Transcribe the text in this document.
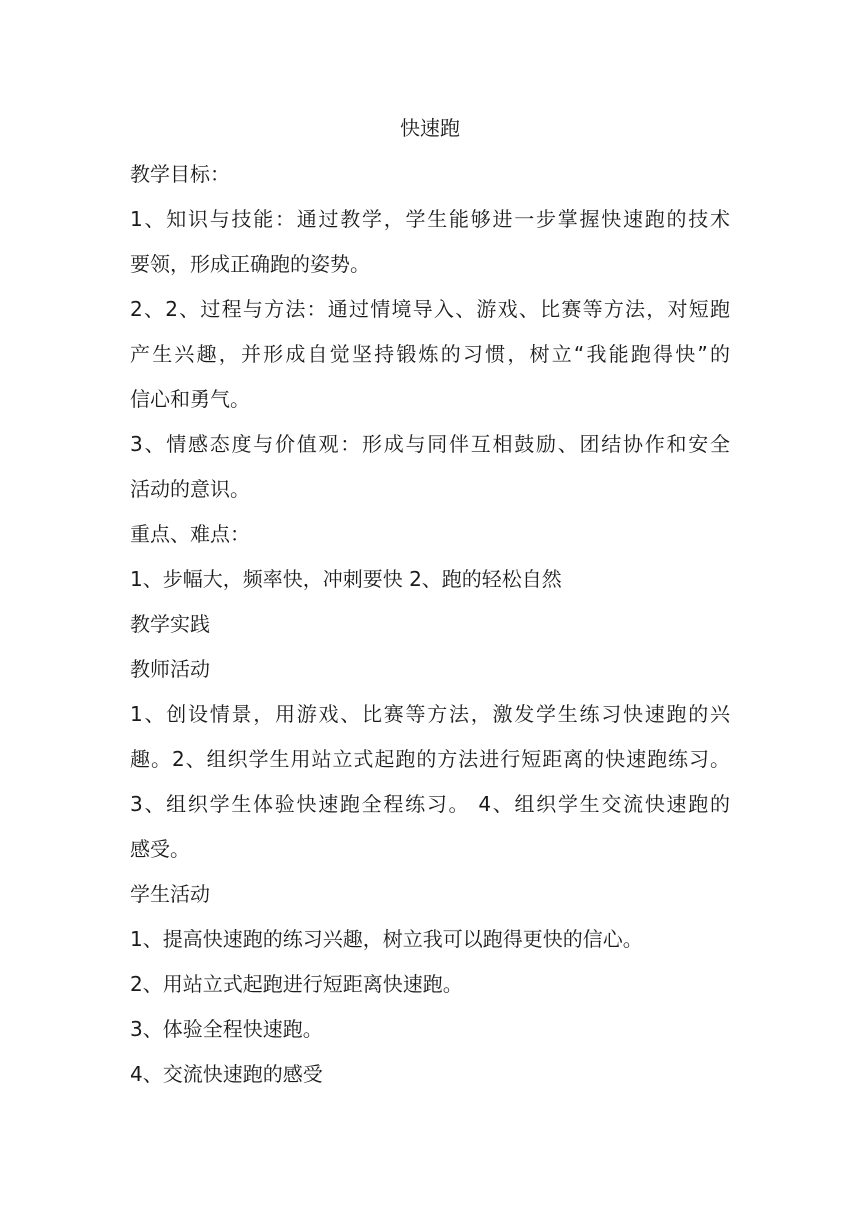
快速跑

教学目标：

1、知识与技能：通过教学，学生能够进一步掌握快速跑的技术

要领，形成正确跑的姿势。

2、2、过程与方法：通过情境导入、游戏、比赛等方法，对短跑

产生兴趣，并形成自觉坚持锻炼的习惯，树立“我能跑得快”的

信心和勇气。

3、情感态度与价值观：形成与同伴互相鼓励、团结协作和安全

活动的意识。

重点、难点：

1、步幅大，频率快，冲刺要快 2、跑的轻松自然

教学实践

教师活动

1、创设情景，用游戏、比赛等方法，激发学生练习快速跑的兴

趣。2、组织学生用站立式起跑的方法进行短距离的快速跑练习。

3、组织学生体验快速跑全程练习。 4、组织学生交流快速跑的

感受。

学生活动

1、提高快速跑的练习兴趣，树立我可以跑得更快的信心。

2、用站立式起跑进行短距离快速跑。

3、体验全程快速跑。

4、交流快速跑的感受
